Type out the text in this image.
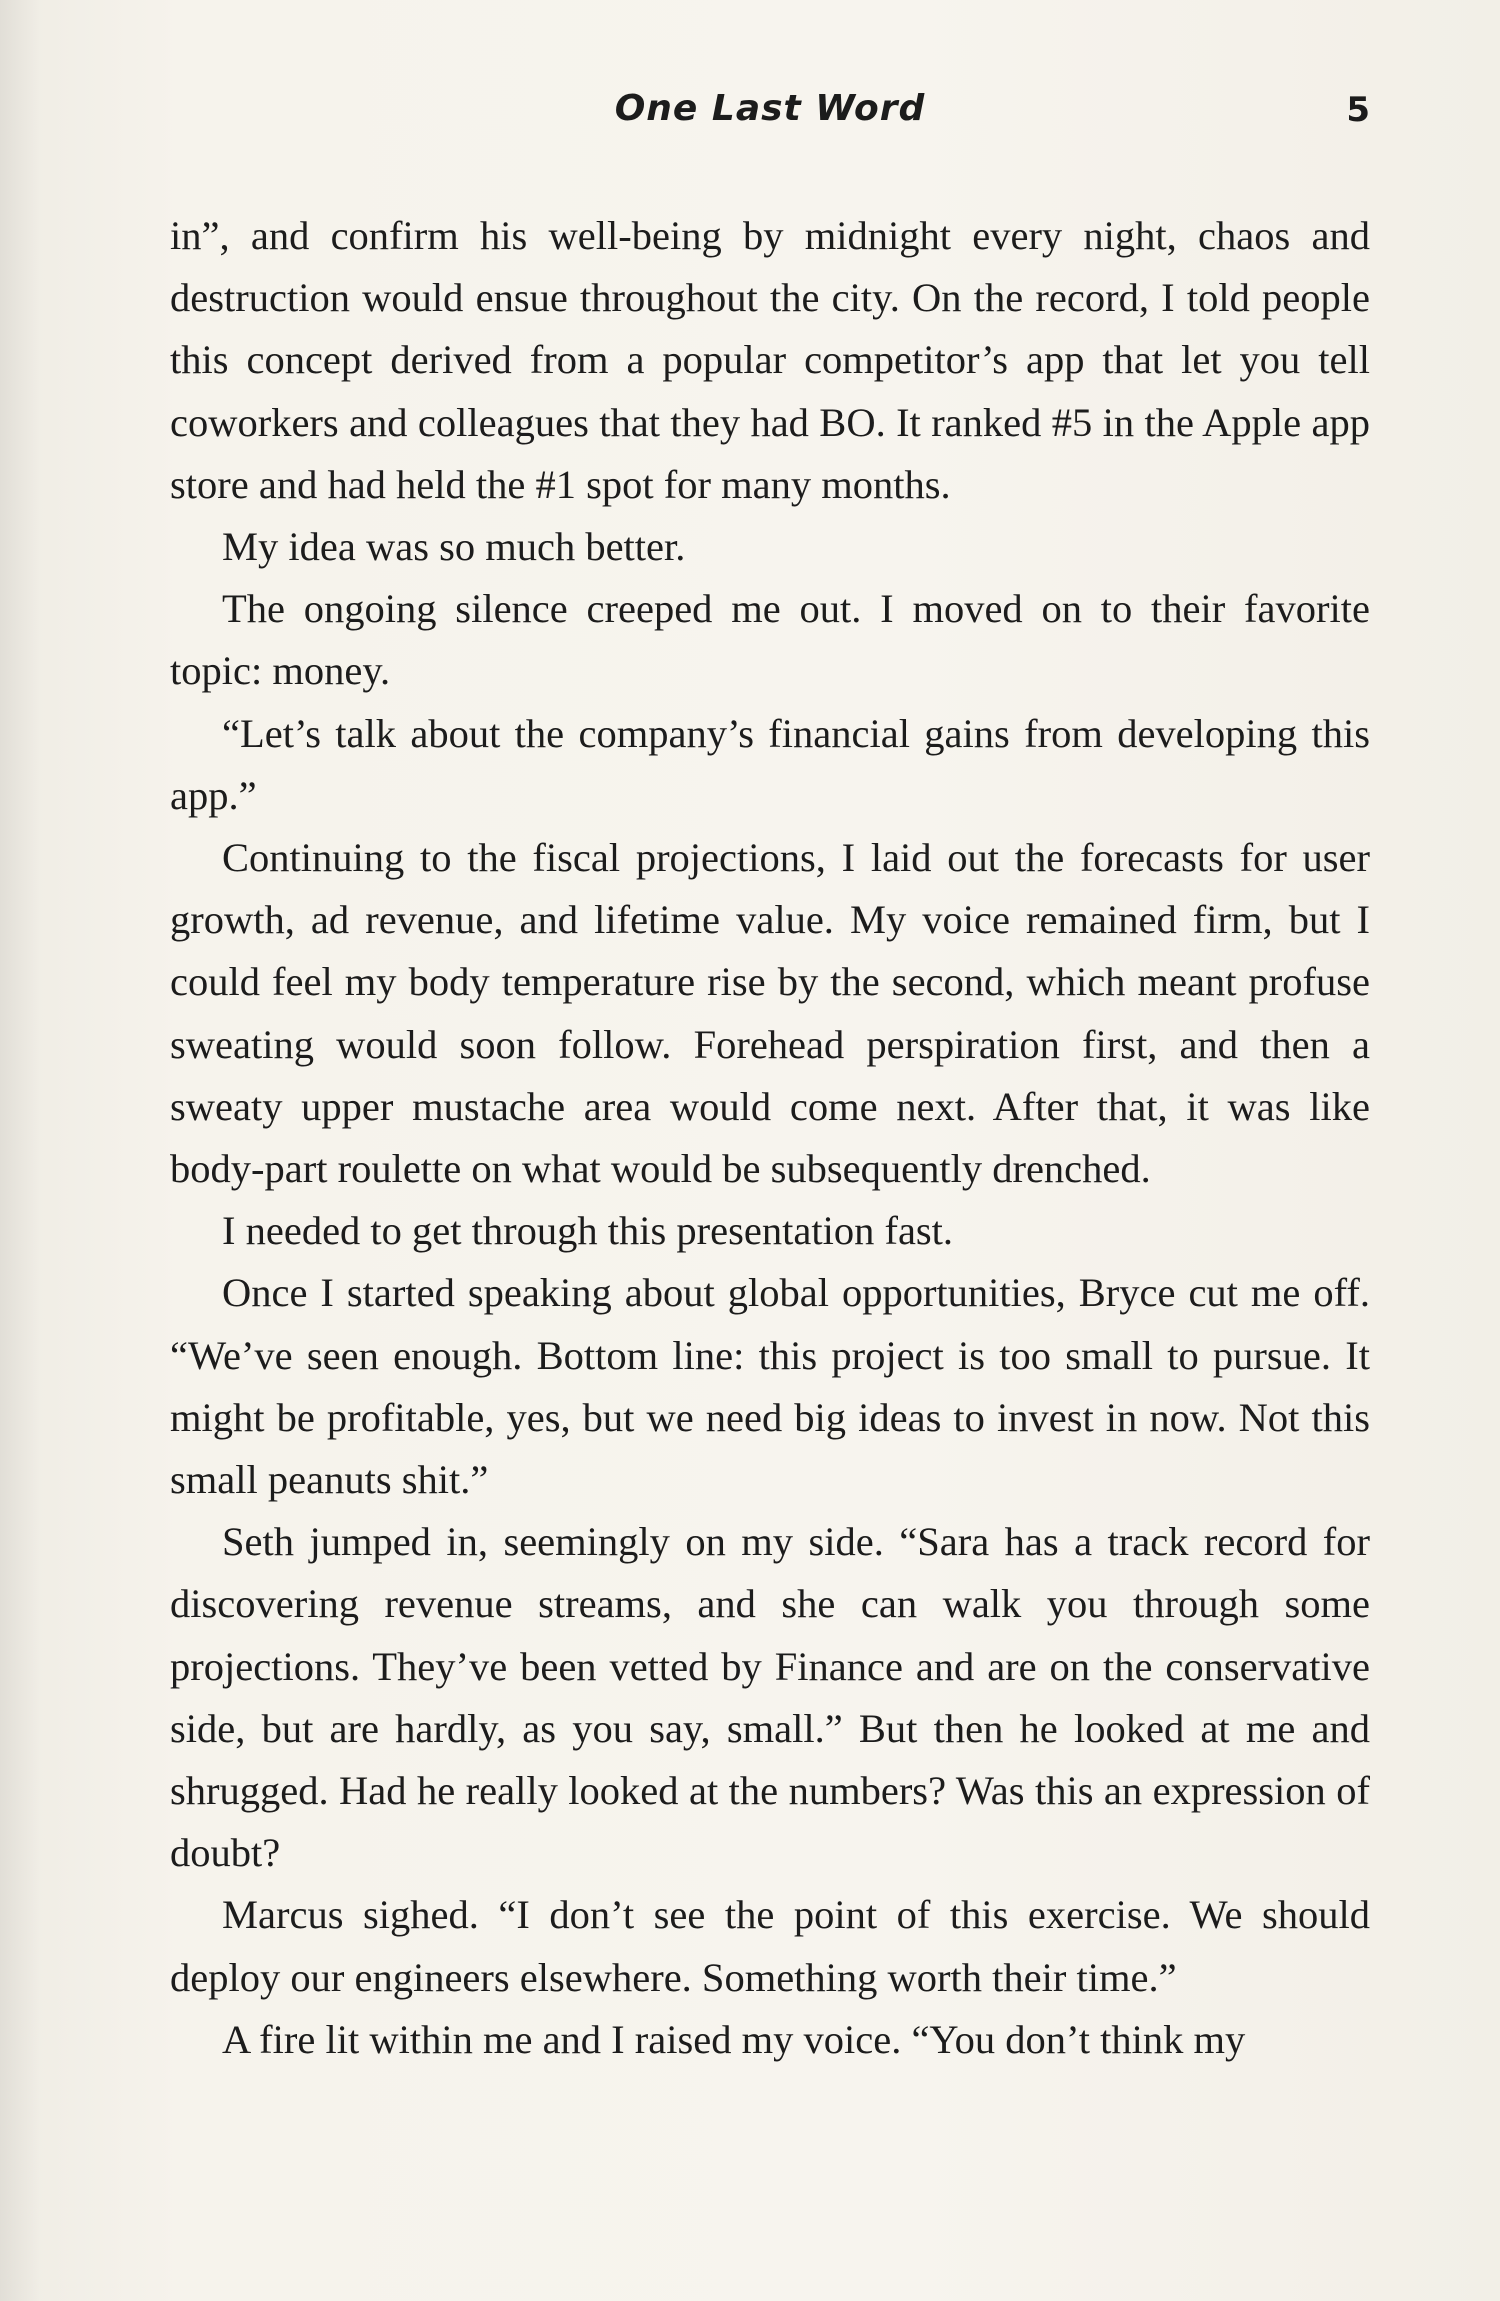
One Last Word	5

in”, and confirm his well-being by midnight every night, chaos and destruction would ensue throughout the city. On the record, I told people this concept derived from a popular competitor’s app that let you tell coworkers and colleagues that they had BO. It ranked #5 in the Apple app store and had held the #1 spot for many months.

My idea was so much better.

The ongoing silence creeped me out. I moved on to their favorite topic: money.

“Let’s talk about the company’s financial gains from developing this app.”

Continuing to the fiscal projections, I laid out the forecasts for user growth, ad revenue, and lifetime value. My voice remained firm, but I could feel my body temperature rise by the second, which meant profuse sweating would soon follow. Forehead perspiration first, and then a sweaty upper mustache area would come next. After that, it was like body-part roulette on what would be subsequently drenched.

I needed to get through this presentation fast.

Once I started speaking about global opportunities, Bryce cut me off. “We’ve seen enough. Bottom line: this project is too small to pursue. It might be profitable, yes, but we need big ideas to invest in now. Not this small peanuts shit.”

Seth jumped in, seemingly on my side. “Sara has a track record for discovering revenue streams, and she can walk you through some projections. They’ve been vetted by Finance and are on the conservative side, but are hardly, as you say, small.” But then he looked at me and shrugged. Had he really looked at the numbers? Was this an expression of doubt?

Marcus sighed. “I don’t see the point of this exercise. We should deploy our engineers elsewhere. Something worth their time.”

A fire lit within me and I raised my voice. “You don’t think my
